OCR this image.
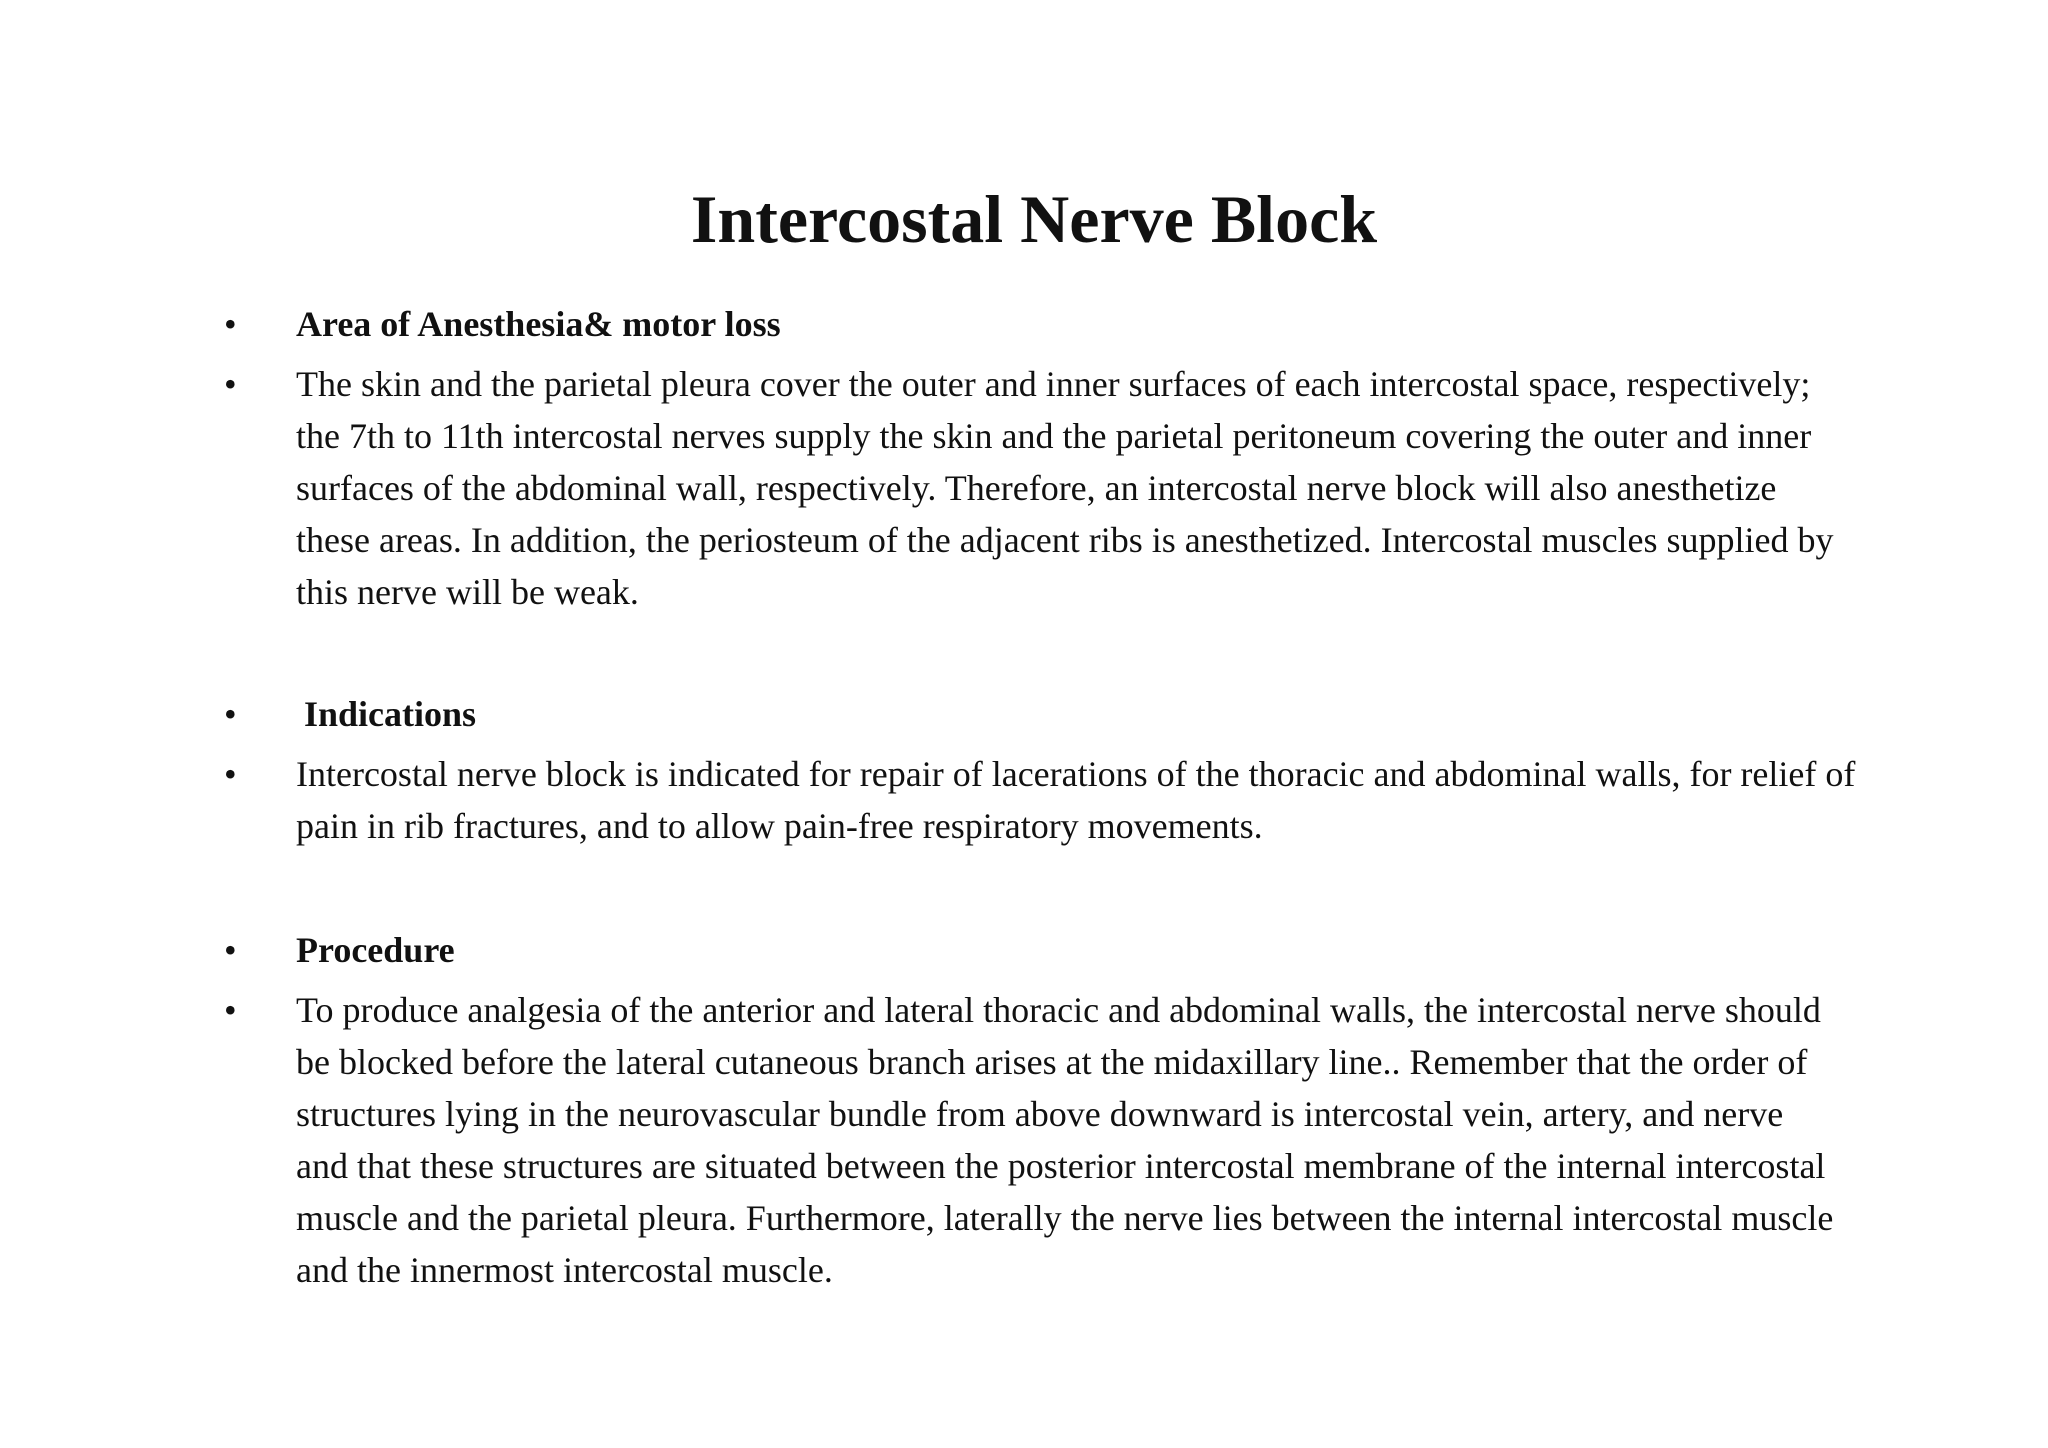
Intercostal Nerve Block
• Area of Anesthesia& motor loss
• The skin and the parietal pleura cover the outer and inner surfaces of each intercostal space, respectively; the 7th to 11th intercostal nerves supply the skin and the parietal peritoneum covering the outer and inner surfaces of the abdominal wall, respectively. Therefore, an intercostal nerve block will also anesthetize these areas. In addition, the periosteum of the adjacent ribs is anesthetized. Intercostal muscles supplied by this nerve will be weak.
• Indications
• Intercostal nerve block is indicated for repair of lacerations of the thoracic and abdominal walls, for relief of pain in rib fractures, and to allow pain-free respiratory movements.
• Procedure
• To produce analgesia of the anterior and lateral thoracic and abdominal walls, the intercostal nerve should be blocked before the lateral cutaneous branch arises at the midaxillary line.. Remember that the order of structures lying in the neurovascular bundle from above downward is intercostal vein, artery, and nerve and that these structures are situated between the posterior intercostal membrane of the internal intercostal muscle and the parietal pleura. Furthermore, laterally the nerve lies between the internal intercostal muscle and the innermost intercostal muscle.
